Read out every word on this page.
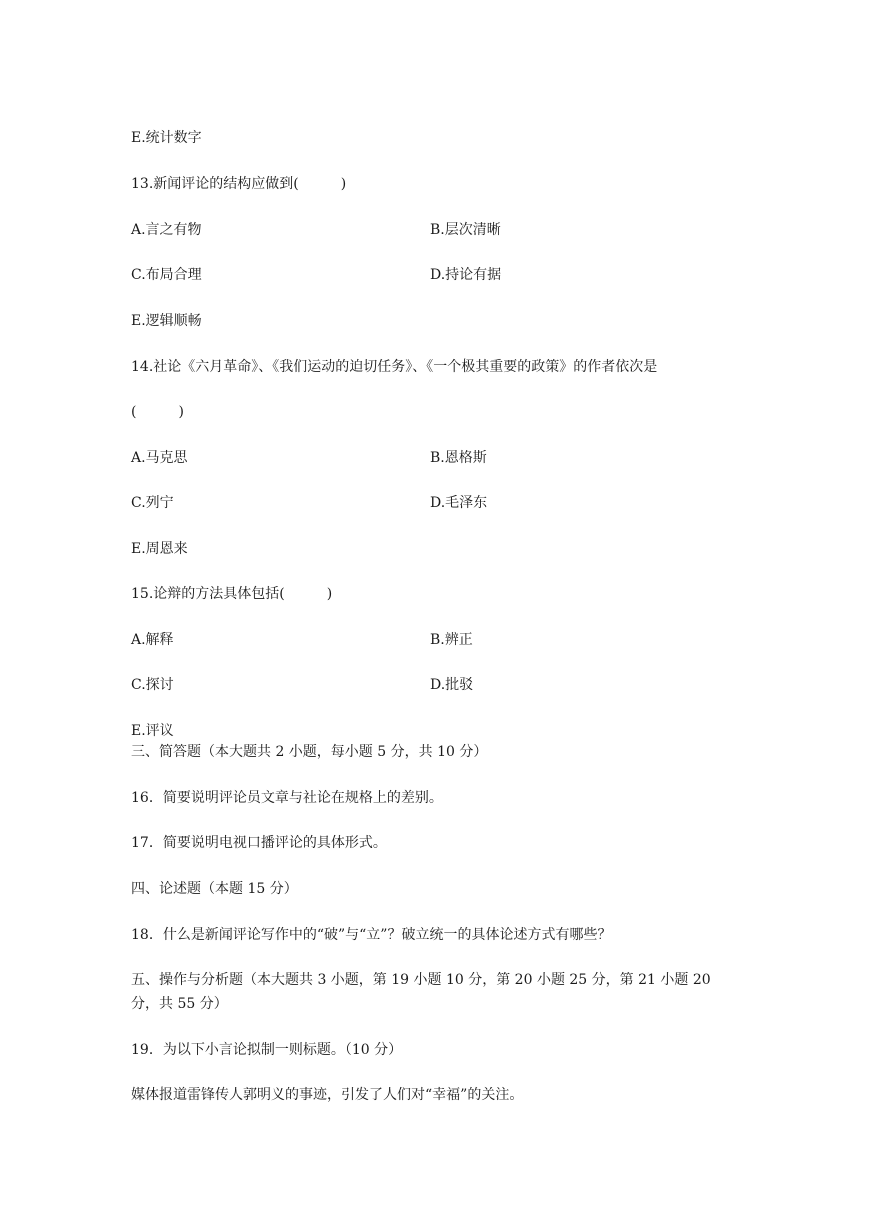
E.统计数字
13.新闻评论的结构应做到(　　　)
A.言之有物	B.层次清晰
C.布局合理	D.持论有据
E.逻辑顺畅
14.社论《六月革命》、《我们运动的迫切任务》、《一个极其重要的政策》的作者依次是
(　　　)
A.马克思	B.恩格斯
C.列宁	D.毛泽东
E.周恩来
15.论辩的方法具体包括(　　　)
A.解释	B.辨正
C.探讨	D.批驳
E.评议
三、简答题（本大题共 2 小题，每小题 5 分，共 10 分）
16．简要说明评论员文章与社论在规格上的差别。
17．简要说明电视口播评论的具体形式。
四、论述题（本题 15 分）
18．什么是新闻评论写作中的“破”与“立”？破立统一的具体论述方式有哪些？
五、操作与分析题（本大题共 3 小题，第 19 小题 10 分，第 20 小题 25 分，第 21 小题 20
分，共 55 分）
19．为以下小言论拟制一则标题。（10 分）
媒体报道雷锋传人郭明义的事迹，引发了人们对“幸福”的关注。
